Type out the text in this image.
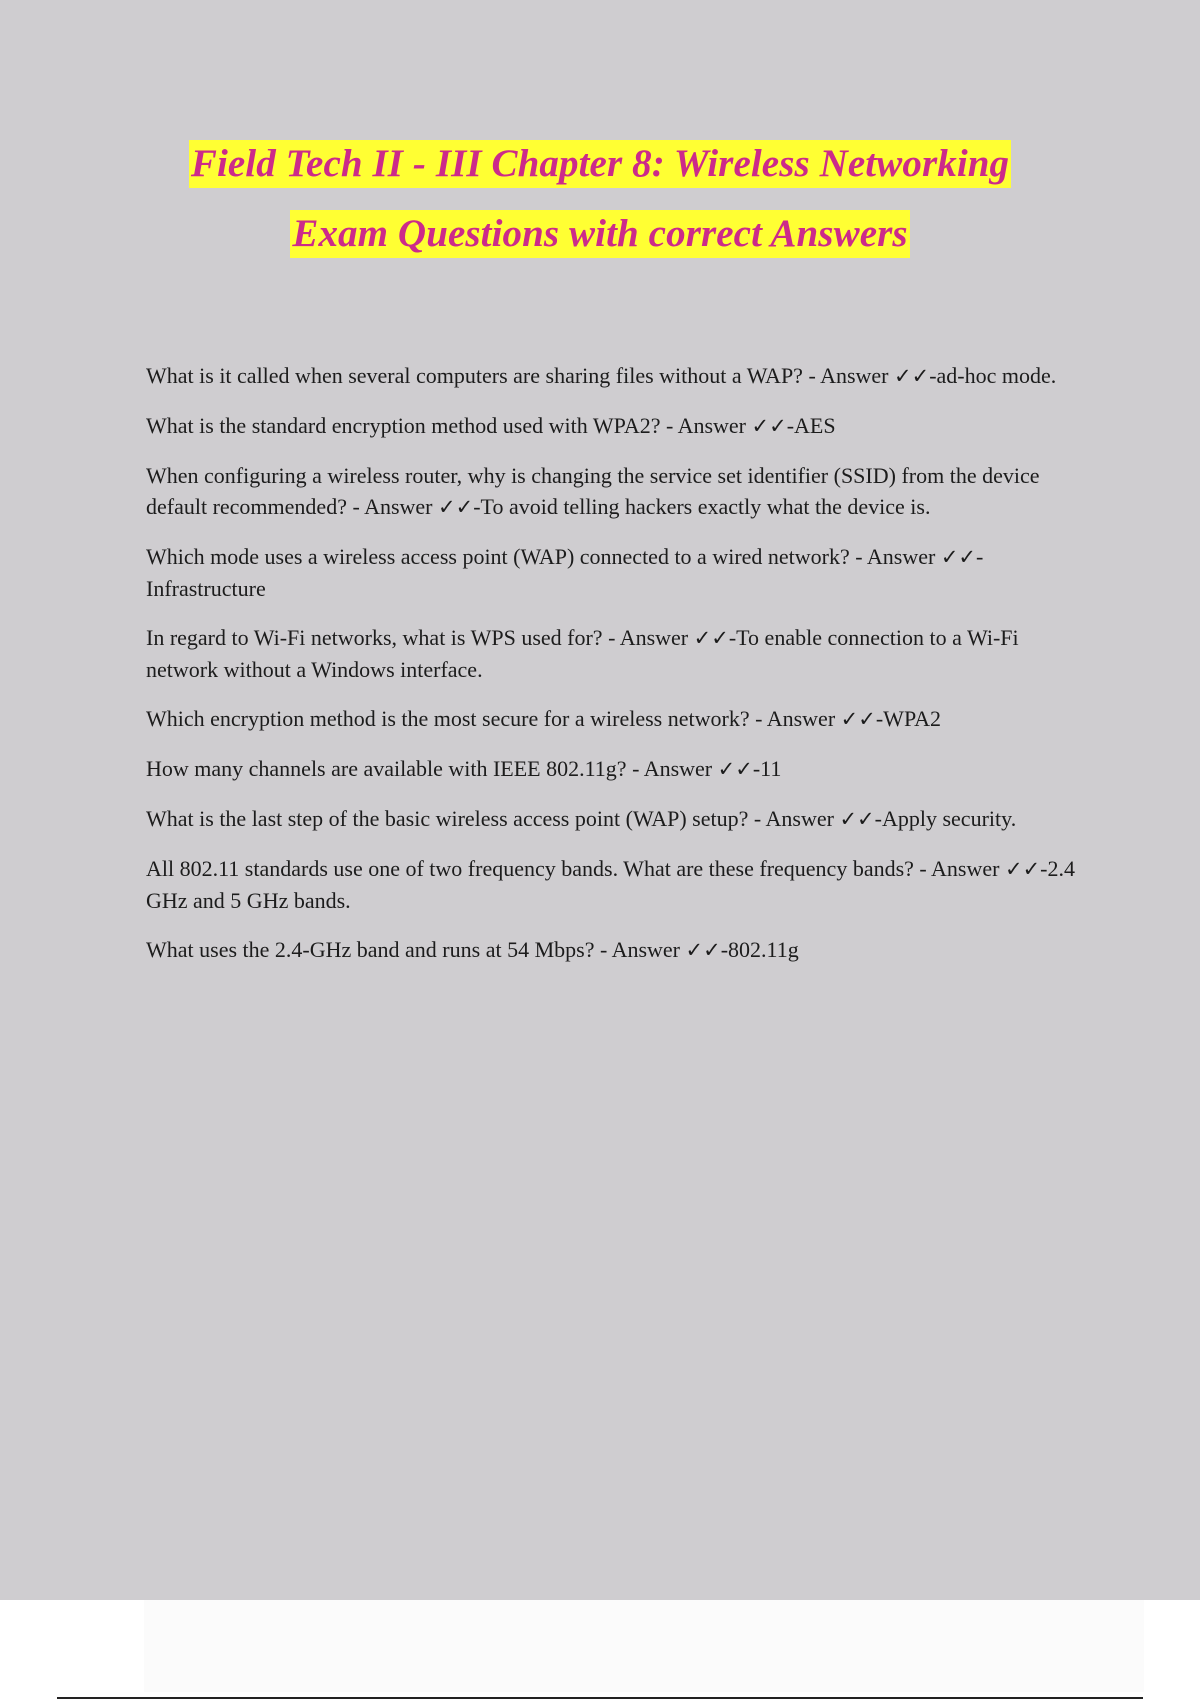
Field Tech II - III Chapter 8: Wireless Networking
Exam Questions with correct Answers
What is it called when several computers are sharing files without a WAP? - Answer ✓✓-ad-hoc mode.
What is the standard encryption method used with WPA2? - Answer ✓✓-AES
When configuring a wireless router, why is changing the service set identifier (SSID) from the device default recommended? - Answer ✓✓-To avoid telling hackers exactly what the device is.
Which mode uses a wireless access point (WAP) connected to a wired network? - Answer ✓✓-Infrastructure
In regard to Wi-Fi networks, what is WPS used for? - Answer ✓✓-To enable connection to a Wi-Fi network without a Windows interface.
Which encryption method is the most secure for a wireless network? - Answer ✓✓-WPA2
How many channels are available with IEEE 802.11g? - Answer ✓✓-11
What is the last step of the basic wireless access point (WAP) setup? - Answer ✓✓-Apply security.
All 802.11 standards use one of two frequency bands. What are these frequency bands? - Answer ✓✓-2.4 GHz and 5 GHz bands.
What uses the 2.4-GHz band and runs at 54 Mbps? - Answer ✓✓-802.11g
